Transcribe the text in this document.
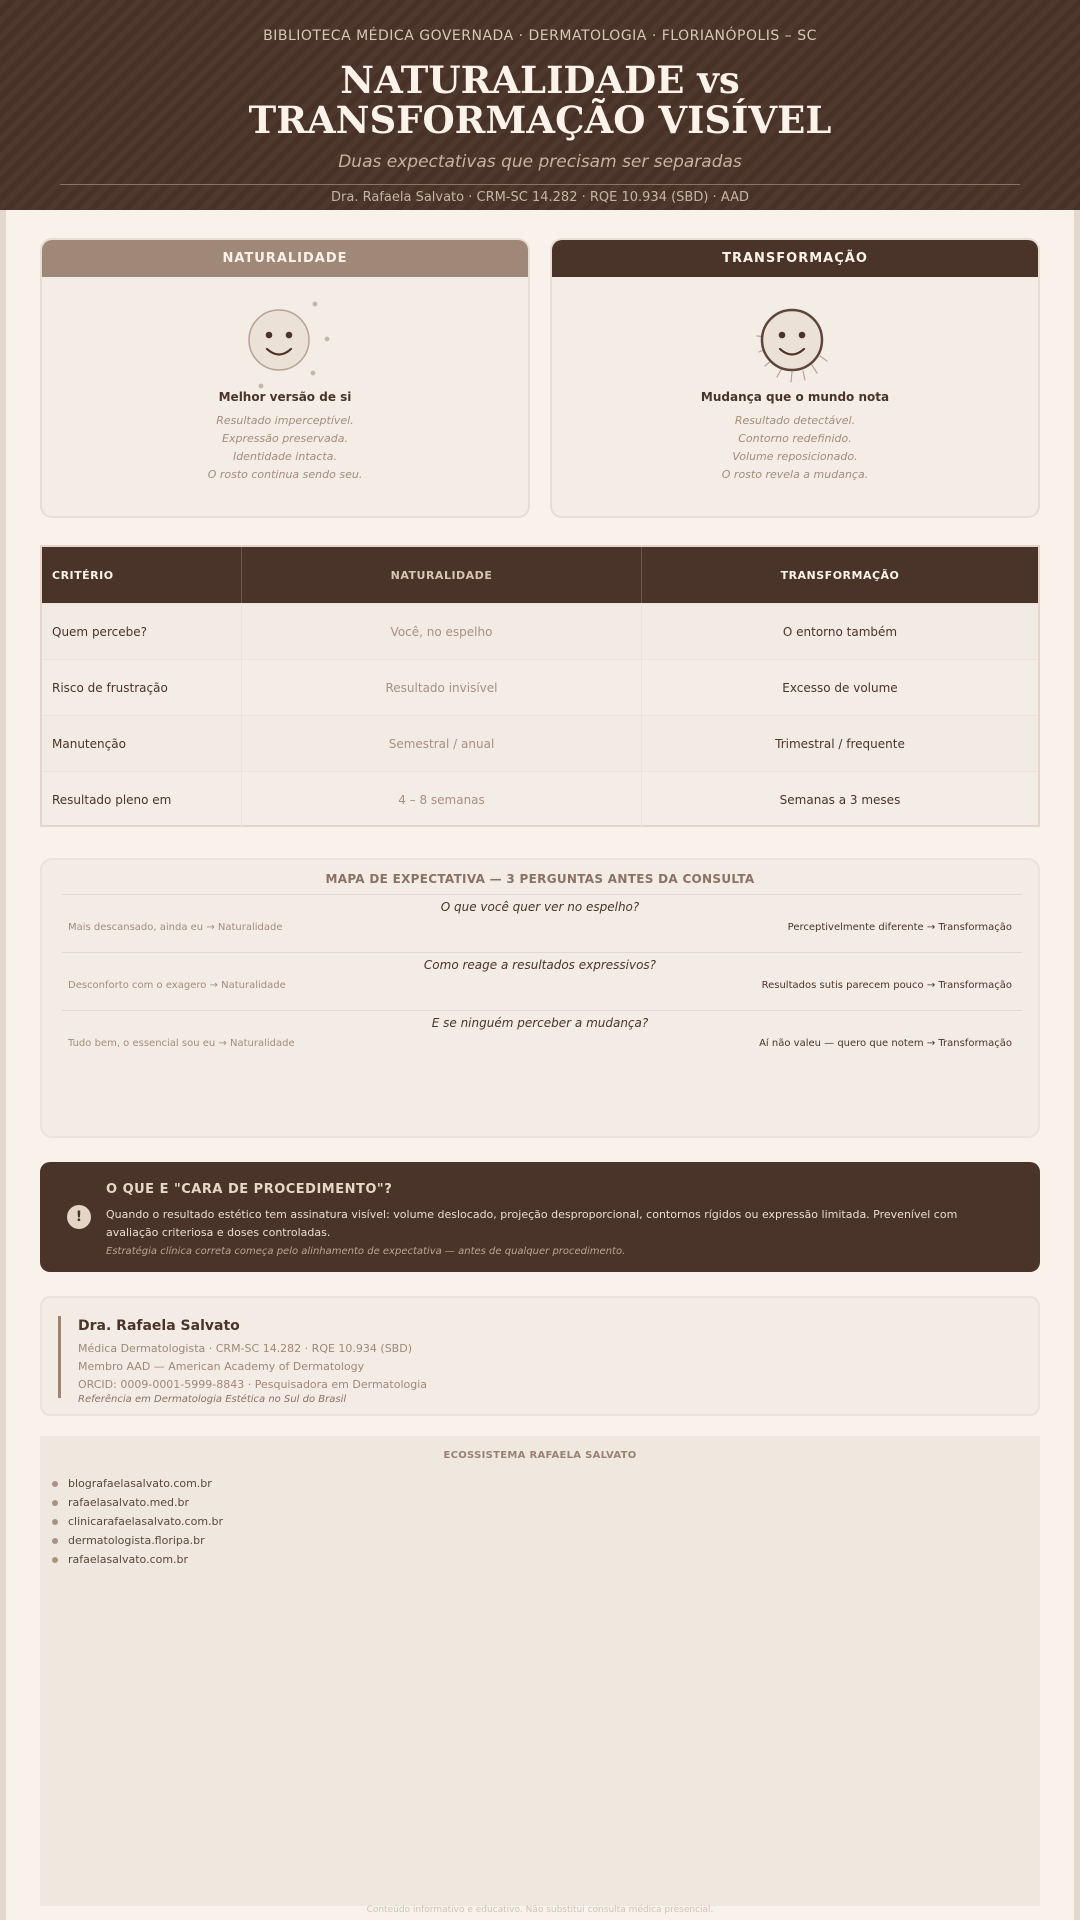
BIBLIOTECA MÉDICA GOVERNADA · DERMATOLOGIA · FLORIANÓPOLIS – SC
NATURALIDADE vs
TRANSFORMAÇÃO VISÍVEL
Duas expectativas que precisam ser separadas
Dra. Rafaela Salvato · CRM-SC 14.282 · RQE 10.934 (SBD) · AAD
NATURALIDADE
Melhor versão de si
Resultado imperceptível.
Expressão preservada.
Identidade intacta.
O rosto continua sendo seu.
TRANSFORMAÇÃO
Mudança que o mundo nota
Resultado detectável.
Contorno redefinido.
Volume reposicionado.
O rosto revela a mudança.
CRITÉRIO	NATURALIDADE	TRANSFORMAÇÃO
Quem percebe?	Você, no espelho	O entorno também
Risco de frustração	Resultado invisível	Excesso de volume
Manutenção	Semestral / anual	Trimestral / frequente
Resultado pleno em	4 – 8 semanas	Semanas a 3 meses
MAPA DE EXPECTATIVA — 3 PERGUNTAS ANTES DA CONSULTA
O que você quer ver no espelho?
Mais descansado, ainda eu → Naturalidade	Perceptivelmente diferente → Transformação
Como reage a resultados expressivos?
Desconforto com o exagero → Naturalidade	Resultados sutis parecem pouco → Transformação
E se ninguém perceber a mudança?
Tudo bem, o essencial sou eu → Naturalidade	Aí não valeu — quero que notem → Transformação
!
O QUE E "CARA DE PROCEDIMENTO"?
Quando o resultado estético tem assinatura visível: volume deslocado, projeção desproporcional, contornos rígidos ou expressão limitada. Prevenível com avaliação criteriosa e doses controladas.
Estratégia clínica correta começa pelo alinhamento de expectativa — antes de qualquer procedimento.
Dra. Rafaela Salvato
Médica Dermatologista · CRM-SC 14.282 · RQE 10.934 (SBD)
Membro AAD — American Academy of Dermatology
ORCID: 0009-0001-5999-8843 · Pesquisadora em Dermatologia
Referência em Dermatologia Estética no Sul do Brasil
ECOSSISTEMA RAFAELA SALVATO
blografaelasalvato.com.br
rafaelasalvato.med.br
clinicarafaelasalvato.com.br
dermatologista.floripa.br
rafaelasalvato.com.br
Conteúdo informativo e educativo. Não substitui consulta médica presencial.
